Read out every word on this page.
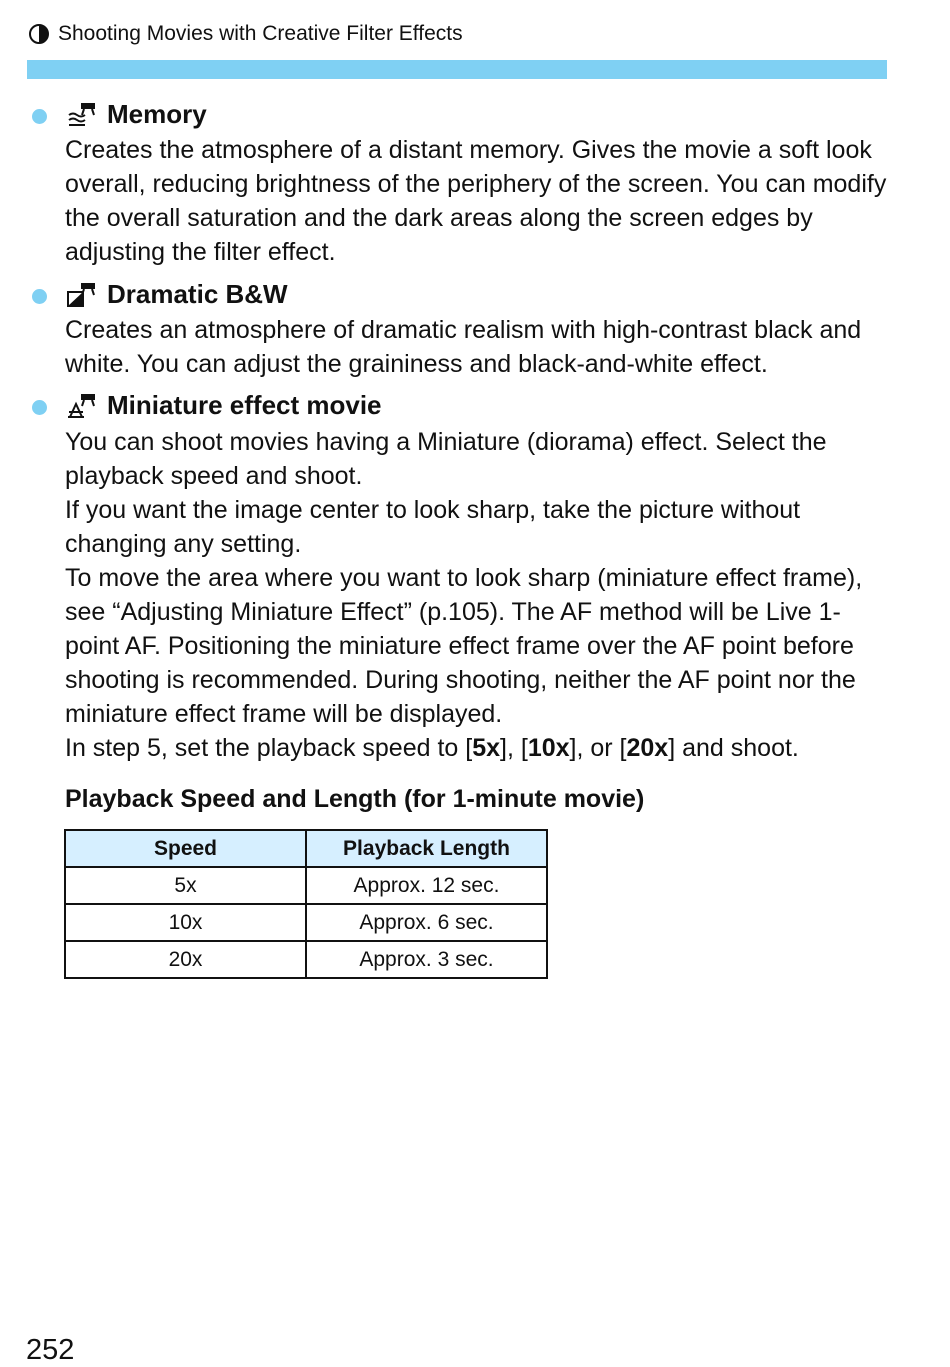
Shooting Movies with Creative Filter Effects
Memory

Creates the atmosphere of a distant memory. Gives the movie a soft look overall, reducing brightness of the periphery of the screen. You can modify the overall saturation and the dark areas along the screen edges by adjusting the filter effect.

Dramatic B&W

Creates an atmosphere of dramatic realism with high-contrast black and white. You can adjust the graininess and black-and-white effect.

Miniature effect movie

You can shoot movies having a Miniature (diorama) effect. Select the playback speed and shoot.

If you want the image center to look sharp, take the picture without changing any setting.

To move the area where you want to look sharp (miniature effect frame), see “Adjusting Miniature Effect” (p.105). The AF method will be Live 1-point AF. Positioning the miniature effect frame over the AF point before shooting is recommended. During shooting, neither the AF point nor the miniature effect frame will be displayed.

In step 5, set the playback speed to [5x], [10x], or [20x] and shoot.

Playback Speed and Length (for 1-minute movie)
Speed	Playback Length
5x	Approx. 12 sec.
10x	Approx. 6 sec.
20x	Approx. 3 sec.
252
